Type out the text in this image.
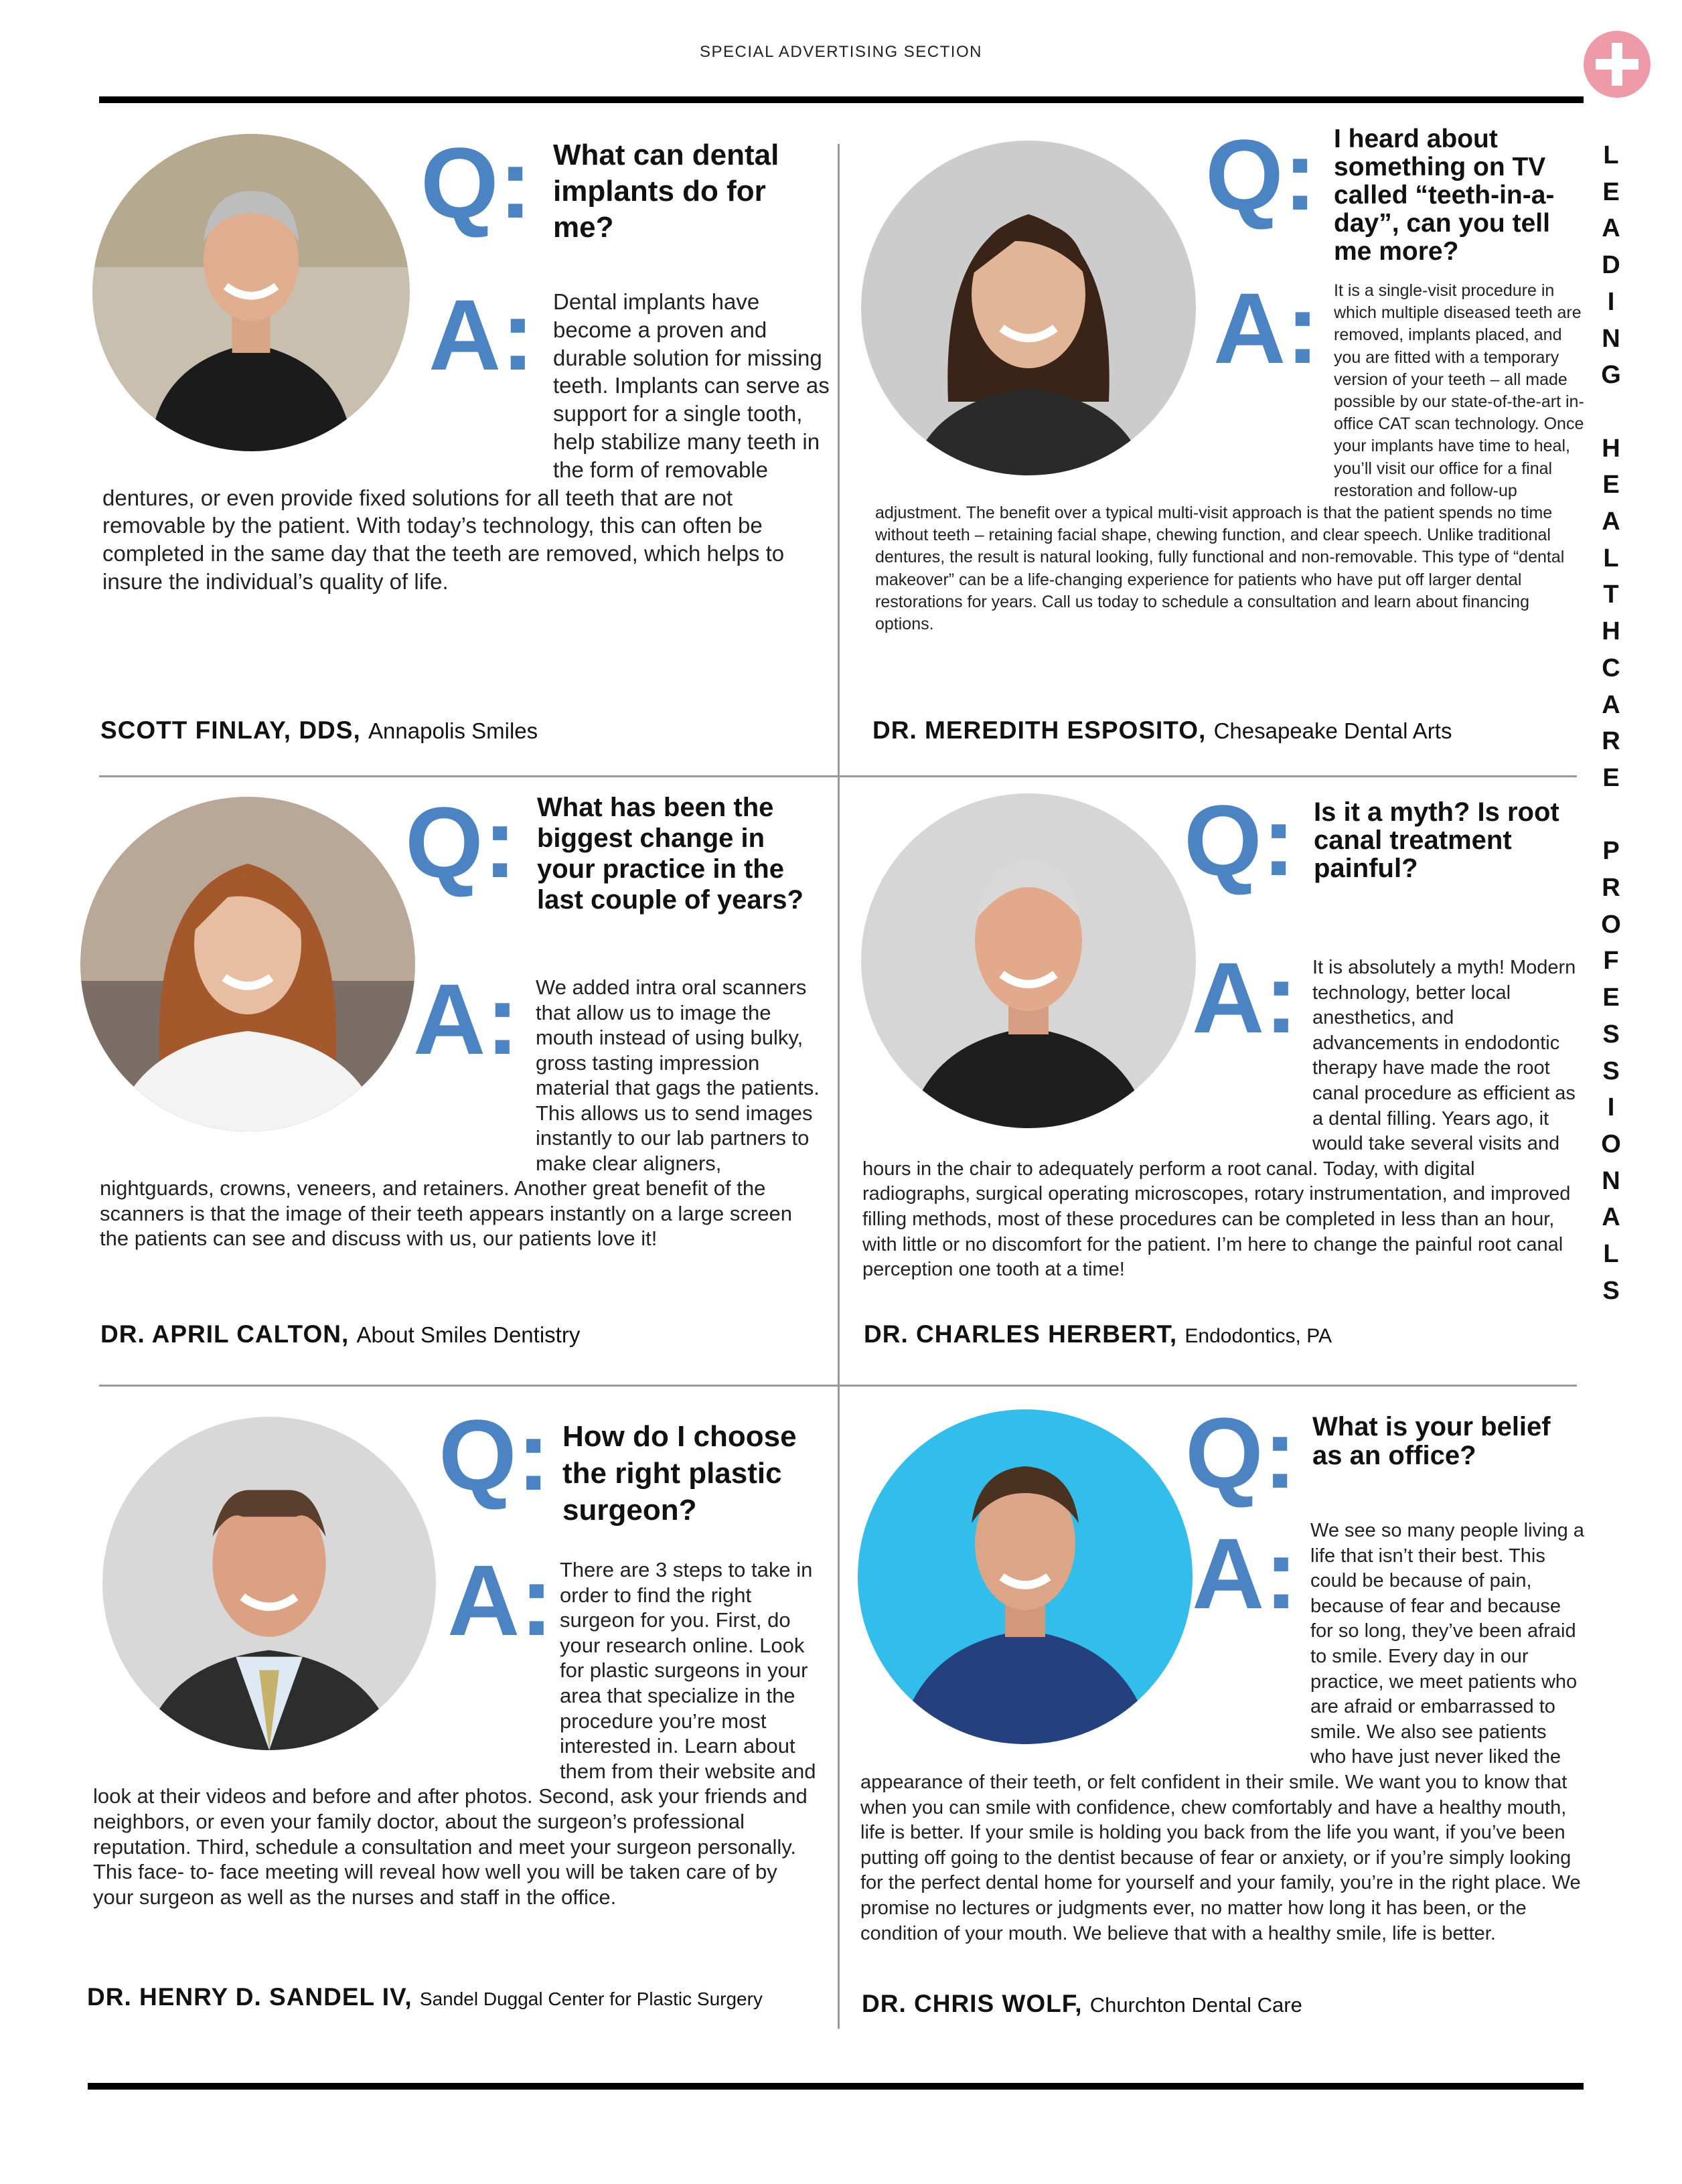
SPECIAL ADVERTISING SECTION
L
E
A
D
I
N
G

H
E
A
L
T
H
C
A
R
E

P
R
O
F
E
S
S
I
O
N
A
L
S
Q: What can dental implants do for me?
A: Dental implants have become a proven and durable solution for missing teeth. Implants can serve as support for a single tooth, help stabilize many teeth in the form of removable dentures, or even provide fixed solutions for all teeth that are not removable by the patient. With today’s technology, this can often be completed in the same day that the teeth are removed, which helps to insure the individual’s quality of life.
SCOTT FINLAY, DDS, Annapolis Smiles
Q: I heard about something on TV called “teeth-in-a-day”, can you tell me more?
A: It is a single-visit procedure in which multiple diseased teeth are removed, implants placed, and you are fitted with a temporary version of your teeth – all made possible by our state-of-the-art in-office CAT scan technology. Once your implants have time to heal, you’ll visit our office for a final restoration and follow-up adjustment. The benefit over a typical multi-visit approach is that the patient spends no time without teeth – retaining facial shape, chewing function, and clear speech. Unlike traditional dentures, the result is natural looking, fully functional and non-removable. This type of “dental makeover” can be a life-changing experience for patients who have put off larger dental restorations for years. Call us today to schedule a consultation and learn about financing options.
DR. MEREDITH ESPOSITO, Chesapeake Dental Arts
Q: What has been the biggest change in your practice in the last couple of years?
A: We added intra oral scanners that allow us to image the mouth instead of using bulky, gross tasting impression material that gags the patients. This allows us to send images instantly to our lab partners to make clear aligners, nightguards, crowns, veneers, and retainers. Another great benefit of the scanners is that the image of their teeth appears instantly on a large screen the patients can see and discuss with us, our patients love it!
DR. APRIL CALTON, About Smiles Dentistry
Q: Is it a myth? Is root canal treatment painful?
A: It is absolutely a myth! Modern technology, better local anesthetics, and advancements in endodontic therapy have made the root canal procedure as efficient as a dental filling. Years ago, it would take several visits and hours in the chair to adequately perform a root canal. Today, with digital radiographs, surgical operating microscopes, rotary instrumentation, and improved filling methods, most of these procedures can be completed in less than an hour, with little or no discomfort for the patient. I’m here to change the painful root canal perception one tooth at a time!
DR. CHARLES HERBERT, Endodontics, PA
Q: How do I choose the right plastic surgeon?
A: There are 3 steps to take in order to find the right surgeon for you. First, do your research online. Look for plastic surgeons in your area that specialize in the procedure you’re most interested in. Learn about them from their website and look at their videos and before and after photos. Second, ask your friends and neighbors, or even your family doctor, about the surgeon’s professional reputation. Third, schedule a consultation and meet your surgeon personally. This face- to- face meeting will reveal how well you will be taken care of by your surgeon as well as the nurses and staff in the office.
DR. HENRY D. SANDEL IV, Sandel Duggal Center for Plastic Surgery
Q: What is your belief as an office?
A: We see so many people living a life that isn’t their best. This could be because of pain, because of fear and because for so long, they’ve been afraid to smile. Every day in our practice, we meet patients who are afraid or embarrassed to smile. We also see patients who have just never liked the appearance of their teeth, or felt confident in their smile. We want you to know that when you can smile with confidence, chew comfortably and have a healthy mouth, life is better. If your smile is holding you back from the life you want, if you’ve been putting off going to the dentist because of fear or anxiety, or if you’re simply looking for the perfect dental home for yourself and your family, you’re in the right place. We promise no lectures or judgments ever, no matter how long it has been, or the condition of your mouth. We believe that with a healthy smile, life is better.
DR. CHRIS WOLF, Churchton Dental Care
